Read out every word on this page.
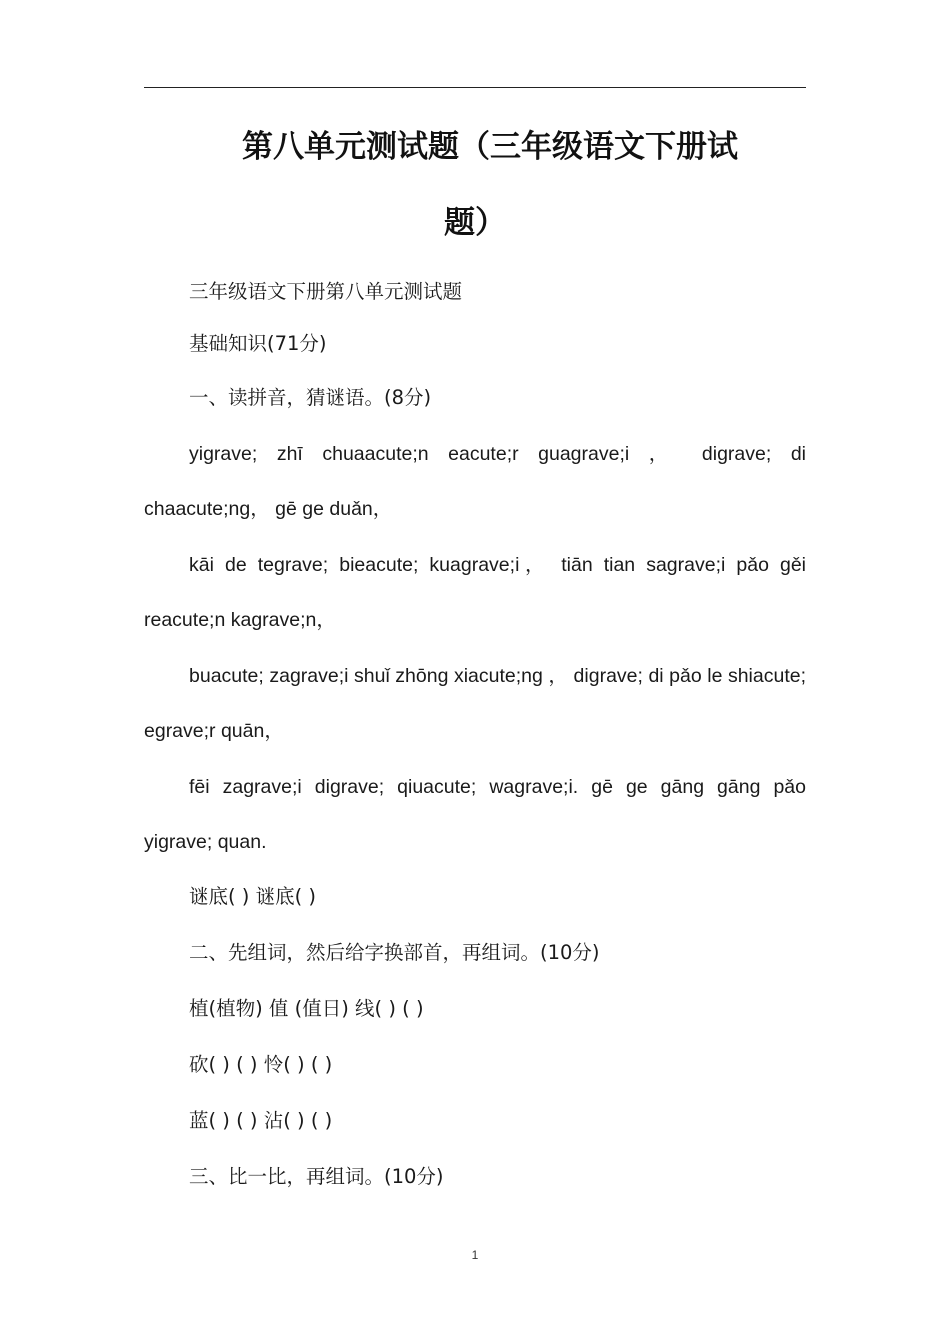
第八单元测试题（三年级语文下册试
题）

三年级语文下册第八单元测试题

基础知识(71分)

一、读拼音，猜谜语。(8分)

yigrave; zhī chuaacute;n eacute;r guagrave;i ， digrave; di chaacute;ng， gē ge duǎn，

kāi de tegrave; bieacute; kuagrave;i， tiān tian sagrave;i pǎo gěi reacute;n kagrave;n，

buacute; zagrave;i shuǐ zhōng xiacute;ng ， digrave; di pǎo le shiacute; egrave;r quān，

fēi zagrave;i digrave; qiuacute; wagrave;i. gē ge gāng gāng pǎo yigrave; quan.

谜底( ) 谜底( )

二、先组词，然后给字换部首，再组词。(10分)

植(植物) 值 (值日) 线( ) ( )

砍( ) ( ) 怜( ) ( )

蓝( ) ( ) 沾( ) ( )

三、比一比，再组词。(10分)

1
